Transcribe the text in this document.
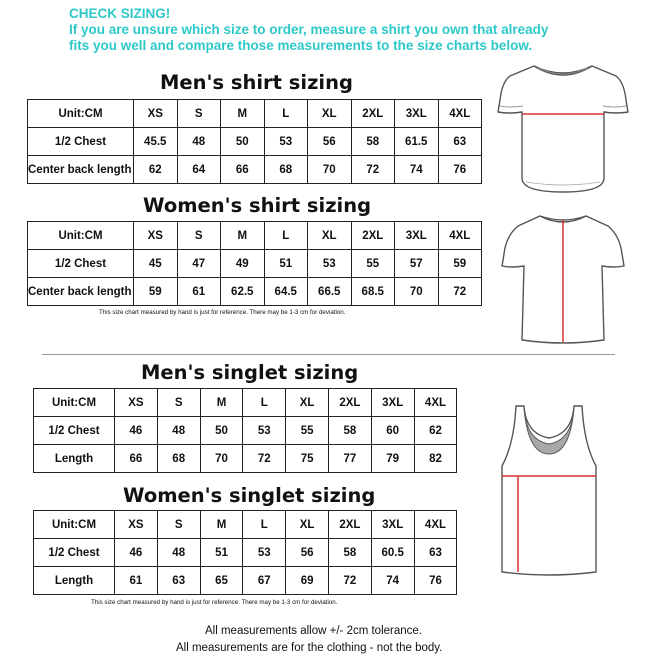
CHECK SIZING!
If you are unsure which size to order, measure a shirt you own that already
fits you well and compare those measurements to the size charts below.
Men's shirt sizing
Unit:CM	XS	S	M	L	XL	2XL	3XL	4XL
1/2 Chest	45.5	48	50	53	56	58	61.5	63
Center back length	62	64	66	68	70	72	74	76
Women's shirt sizing
Unit:CM	XS	S	M	L	XL	2XL	3XL	4XL
1/2 Chest	45	47	49	51	53	55	57	59
Center back length	59	61	62.5	64.5	66.5	68.5	70	72
This size chart measured by hand is just for reference. There may be 1-3 cm for deviation.
Men's singlet sizing
Unit:CM	XS	S	M	L	XL	2XL	3XL	4XL
1/2 Chest	46	48	50	53	55	58	60	62
Length	66	68	70	72	75	77	79	82
Women's singlet sizing
Unit:CM	XS	S	M	L	XL	2XL	3XL	4XL
1/2 Chest	46	48	51	53	56	58	60.5	63
Length	61	63	65	67	69	72	74	76
This size chart measured by hand is just for reference. There may be 1-3 cm for deviation.
All measurements allow +/- 2cm tolerance.
All measurements are for the clothing - not the body.
